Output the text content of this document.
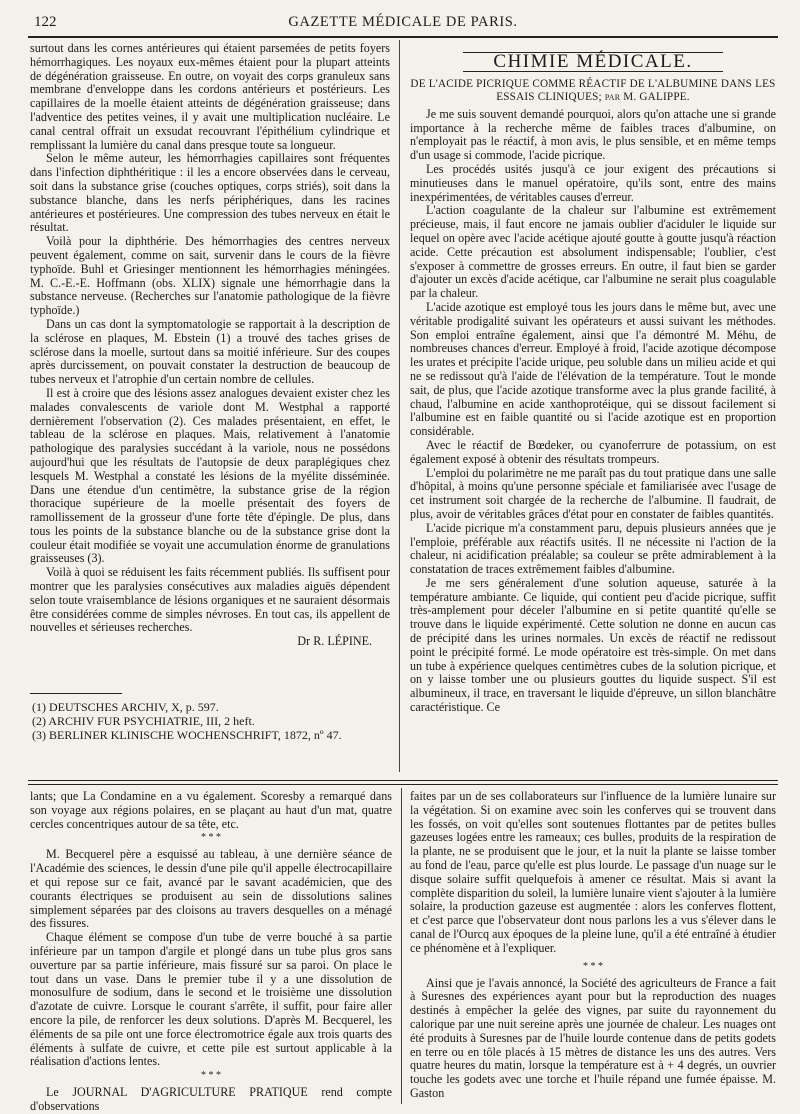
122	GAZETTE MÉDICALE DE PARIS.

surtout dans les cornes antérieures qui étaient parsemées de petits foyers hémorrhagiques. Les noyaux eux-mêmes étaient pour la plupart atteints de dégénération graisseuse. En outre, on voyait des corps granuleux sans membrane d'enveloppe dans les cordons antérieurs et postérieurs. Les capillaires de la moelle étaient atteints de dégénération graisseuse; dans l'adventice des petites veines, il y avait une multiplication nucléaire. Le canal central offrait un exsudat recouvrant l'épithélium cylindrique et remplissant la lumière du canal dans presque toute sa longueur.

Selon le même auteur, les hémorrhagies capillaires sont fréquentes dans l'infection diphthéritique : il les a encore observées dans le cerveau, soit dans la substance grise (couches optiques, corps striés), soit dans la substance blanche, dans les nerfs périphériques, dans les racines antérieures et postérieures. Une compression des tubes nerveux en était le résultat.

Voilà pour la diphthérie. Des hémorrhagies des centres nerveux peuvent également, comme on sait, survenir dans le cours de la fièvre typhoïde. Buhl et Griesinger mentionnent les hémorrhagies méningées. M. C.-E.-E. Hoffmann (obs. XLIX) signale une hémorrhagie dans la substance nerveuse. (Recherches sur l'anatomie pathologique de la fièvre typhoïde.)

Dans un cas dont la symptomatologie se rapportait à la description de la sclérose en plaques, M. Ebstein (1) a trouvé des taches grises de sclérose dans la moelle, surtout dans sa moitié inférieure. Sur des coupes après durcissement, on pouvait constater la destruction de beaucoup de tubes nerveux et l'atrophie d'un certain nombre de cellules.

Il est à croire que des lésions assez analogues devaient exister chez les malades convalescents de variole dont M. Westphal a rapporté dernièrement l'observation (2). Ces malades présentaient, en effet, le tableau de la sclérose en plaques. Mais, relativement à l'anatomie pathologique des paralysies succédant à la variole, nous ne possédons aujourd'hui que les résultats de l'autopsie de deux paraplégiques chez lesquels M. Westphal a constaté les lésions de la myélite disséminée. Dans une étendue d'un centimètre, la substance grise de la région thoracique supérieure de la moelle présentait des foyers de ramollissement de la grosseur d'une forte tête d'épingle. De plus, dans tous les points de la substance blanche ou de la substance grise dont la couleur était modifiée se voyait une accumulation énorme de granulations graisseuses (3).

Voilà à quoi se réduisent les faits récemment publiés. Ils suffisent pour montrer que les paralysies consécutives aux maladies aiguës dépendent selon toute vraisemblance de lésions organiques et ne sauraient désormais être considérées comme de simples névroses. En tout cas, ils appellent de nouvelles et sérieuses recherches.

Dr R. LÉPINE.

(1) DEUTSCHES ARCHIV, X, p. 597.
(2) ARCHIV FUR PSYCHIATRIE, III, 2 heft.
(3) BERLINER KLINISCHE WOCHENSCHRIFT, 1872, nº 47.
CHIMIE MÉDICALE.
DE L'ACIDE PICRIQUE COMME RÉACTIF DE L'ALBUMINE DANS LES ESSAIS CLINIQUES; par M. GALIPPE.

Je me suis souvent demandé pourquoi, alors qu'on attache une si grande importance à la recherche même de faibles traces d'albumine, on n'employait pas le réactif, à mon avis, le plus sensible, et en même temps d'un usage si commode, l'acide picrique.

Les procédés usités jusqu'à ce jour exigent des précautions si minutieuses dans le manuel opératoire, qu'ils sont, entre des mains inexpérimentées, de véritables causes d'erreur.

L'action coagulante de la chaleur sur l'albumine est extrêmement précieuse, mais, il faut encore ne jamais oublier d'aciduler le liquide sur lequel on opère avec l'acide acétique ajouté goutte à goutte jusqu'à réaction acide. Cette précaution est absolument indispensable; l'oublier, c'est s'exposer à commettre de grosses erreurs. En outre, il faut bien se garder d'ajouter un excès d'acide acétique, car l'albumine ne serait plus coagulable par la chaleur.

L'acide azotique est employé tous les jours dans le même but, avec une véritable prodigalité suivant les opérateurs et aussi suivant les méthodes. Son emploi entraîne également, ainsi que l'a démontré M. Méhu, de nombreuses chances d'erreur. Employé à froid, l'acide azotique décompose les urates et précipite l'acide urique, peu soluble dans un milieu acide et qui ne se redissout qu'à l'aide de l'élévation de la température. Tout le monde sait, de plus, que l'acide azotique transforme avec la plus grande facilité, à chaud, l'albumine en acide xanthoprotéique, qui se dissout facilement si l'albumine est en faible quantité ou si l'acide azotique est en proportion considérable.

Avec le réactif de Bœdeker, ou cyanoferrure de potassium, on est également exposé à obtenir des résultats trompeurs.

L'emploi du polarimètre ne me paraît pas du tout pratique dans une salle d'hôpital, à moins qu'une personne spéciale et familiarisée avec l'usage de cet instrument soit chargée de la recherche de l'albumine. Il faudrait, de plus, avoir de véritables grâces d'état pour en constater de faibles quantités.

L'acide picrique m'a constamment paru, depuis plusieurs années que je l'emploie, préférable aux réactifs usités. Il ne nécessite ni l'action de la chaleur, ni acidification préalable; sa couleur se prête admirablement à la constatation de traces extrêmement faibles d'albumine.

Je me sers généralement d'une solution aqueuse, saturée à la température ambiante. Ce liquide, qui contient peu d'acide picrique, suffit très-amplement pour déceler l'albumine en si petite quantité qu'elle se trouve dans le liquide expérimenté. Cette solution ne donne en aucun cas de précipité dans les urines normales. Un excès de réactif ne redissout point le précipité formé. Le mode opératoire est très-simple. On met dans un tube à expérience quelques centimètres cubes de la solution picrique, et on y laisse tomber une ou plusieurs gouttes du liquide suspect. S'il est albumineux, il trace, en traversant le liquide d'épreuve, un sillon blanchâtre caractéristique. Ce

lants; que La Condamine en a vu également. Scoresby a remarqué dans son voyage aux régions polaires, en se plaçant au haut d'un mat, quatre cercles concentriques autour de sa tête, etc.

* * *

M. Becquerel père a esquissé au tableau, à une dernière séance de l'Académie des sciences, le dessin d'une pile qu'il appelle électrocapillaire et qui repose sur ce fait, avancé par le savant académicien, que des courants électriques se produisent au sein de dissolutions salines simplement séparées par des cloisons au travers desquelles on a ménagé des fissures.

Chaque élément se compose d'un tube de verre bouché à sa partie inférieure par un tampon d'argile et plongé dans un tube plus gros sans ouverture par sa partie inférieure, mais fissuré sur sa paroi. On place le tout dans un vase. Dans le premier tube il y a une dissolution de monosulfure de sodium, dans le second et le troisième une dissolution d'azotate de cuivre. Lorsque le courant s'arrête, il suffit, pour faire aller encore la pile, de renforcer les deux solutions. D'après M. Becquerel, les éléments de sa pile ont une force électromotrice égale aux trois quarts des éléments à sulfate de cuivre, et cette pile est surtout applicable à la réalisation d'actions lentes.

* * *

Le JOURNAL D'AGRICULTURE PRATIQUE rend compte d'observations

faites par un de ses collaborateurs sur l'influence de la lumière lunaire sur la végétation. Si on examine avec soin les conferves qui se trouvent dans les fossés, on voit qu'elles sont soutenues flottantes par de petites bulles gazeuses logées entre les rameaux; ces bulles, produits de la respiration de la plante, ne se produisent que le jour, et la nuit la plante se laisse tomber au fond de l'eau, parce qu'elle est plus lourde. Le passage d'un nuage sur le disque solaire suffit quelquefois à amener ce résultat. Mais si avant la complète disparition du soleil, la lumière lunaire vient s'ajouter à la lumière solaire, la production gazeuse est augmentée : alors les conferves flottent, et c'est parce que l'observateur dont nous parlons les a vus s'élever dans le canal de l'Ourcq aux époques de la pleine lune, qu'il a été entraîné à étudier ce phénomène et à l'expliquer.

* * *

Ainsi que je l'avais annoncé, la Société des agriculteurs de France a fait à Suresnes des expériences ayant pour but la reproduction des nuages destinés à empêcher la gelée des vignes, par suite du rayonnement du calorique par une nuit sereine après une journée de chaleur. Les nuages ont été produits à Suresnes par de l'huile lourde contenue dans de petits godets en terre ou en tôle placés à 15 mètres de distance les uns des autres. Vers quatre heures du matin, lorsque la température est à + 4 degrés, un ouvrier touche les godets avec une torche et l'huile répand une fumée épaisse. M. Gaston
